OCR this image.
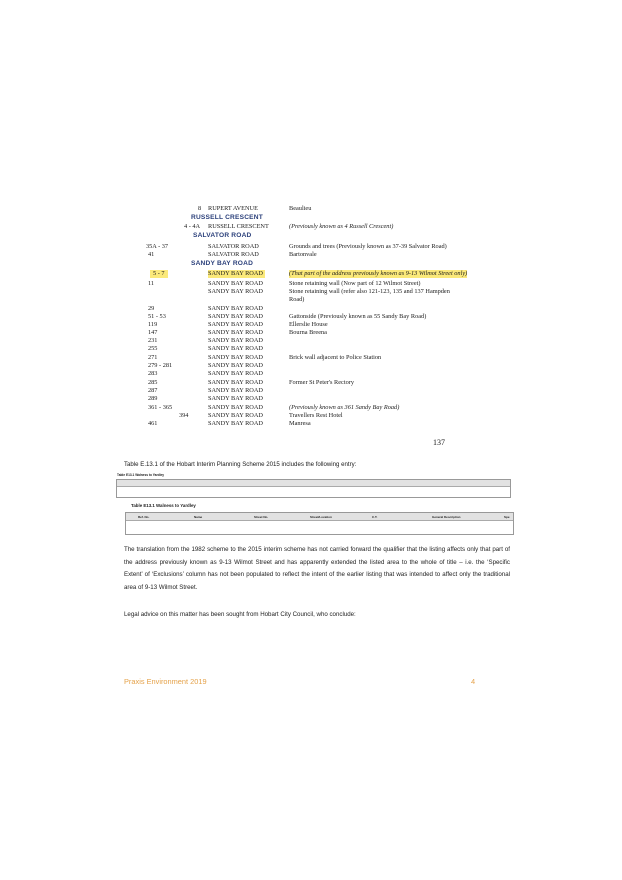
8 RUPERT AVENUE	Beaulieu
RUSSELL CRESCENT
4 - 4A RUSSELL CRESCENT	(Previously known as 4 Russell Crescent)
SALVATOR ROAD
35A - 37	SALVATOR ROAD	Grounds and trees (Previously known as 37-39 Salvator Road)
41	SALVATOR ROAD	Bartonvale
SANDY BAY ROAD
5 - 7	SANDY BAY ROAD	(That part of the address previously known as 9-13 Wilmot Street only)
11	SANDY BAY ROAD	Stone retaining wall (Now part of 12 Wilmot Street)
SANDY BAY ROAD	Stone retaining wall (refer also 121-123, 135 and 137 Hampden
Road)
29	SANDY BAY ROAD
51 - 53	SANDY BAY ROAD	Gattonside (Previously known as 55 Sandy Bay Road)
119	SANDY BAY ROAD	Ellerslie House
147	SANDY BAY ROAD	Bourna Breena
231	SANDY BAY ROAD
255	SANDY BAY ROAD
271	SANDY BAY ROAD	Brick wall adjacent to Police Station
279 - 281	SANDY BAY ROAD
283	SANDY BAY ROAD
285	SANDY BAY ROAD	Former St Peter's Rectory
287	SANDY BAY ROAD
289	SANDY BAY ROAD
361 - 365	SANDY BAY ROAD	(Previously known as 361 Sandy Bay Road)
394	SANDY BAY ROAD	Travellers Rest Hotel
461	SANDY BAY ROAD	Manresa
137
Table E.13.1 of the Hobart Interim Planning Scheme 2015 includes the following entry:
Table E13.1 Walness to Yardley
Table E13.1 Walness to Yardley
Ref. No.	Name	Street No.	Street/Location	C.T.	General Description	Spe
The translation from the 1982 scheme to the 2015 interim scheme has not carried forward the qualifier that the listing affects only that part of the address previously known as 9-13 Wilmot Street and has apparently extended the listed area to the whole of title – i.e. the ‘Specific Extent’ of ‘Exclusions’ column has not been populated to reflect the intent of the earlier listing that was intended to affect only the traditional area of 9-13 Wilmot Street.
Legal advice on this matter has been sought from Hobart City Council, who conclude:
Praxis Environment 2019	4
